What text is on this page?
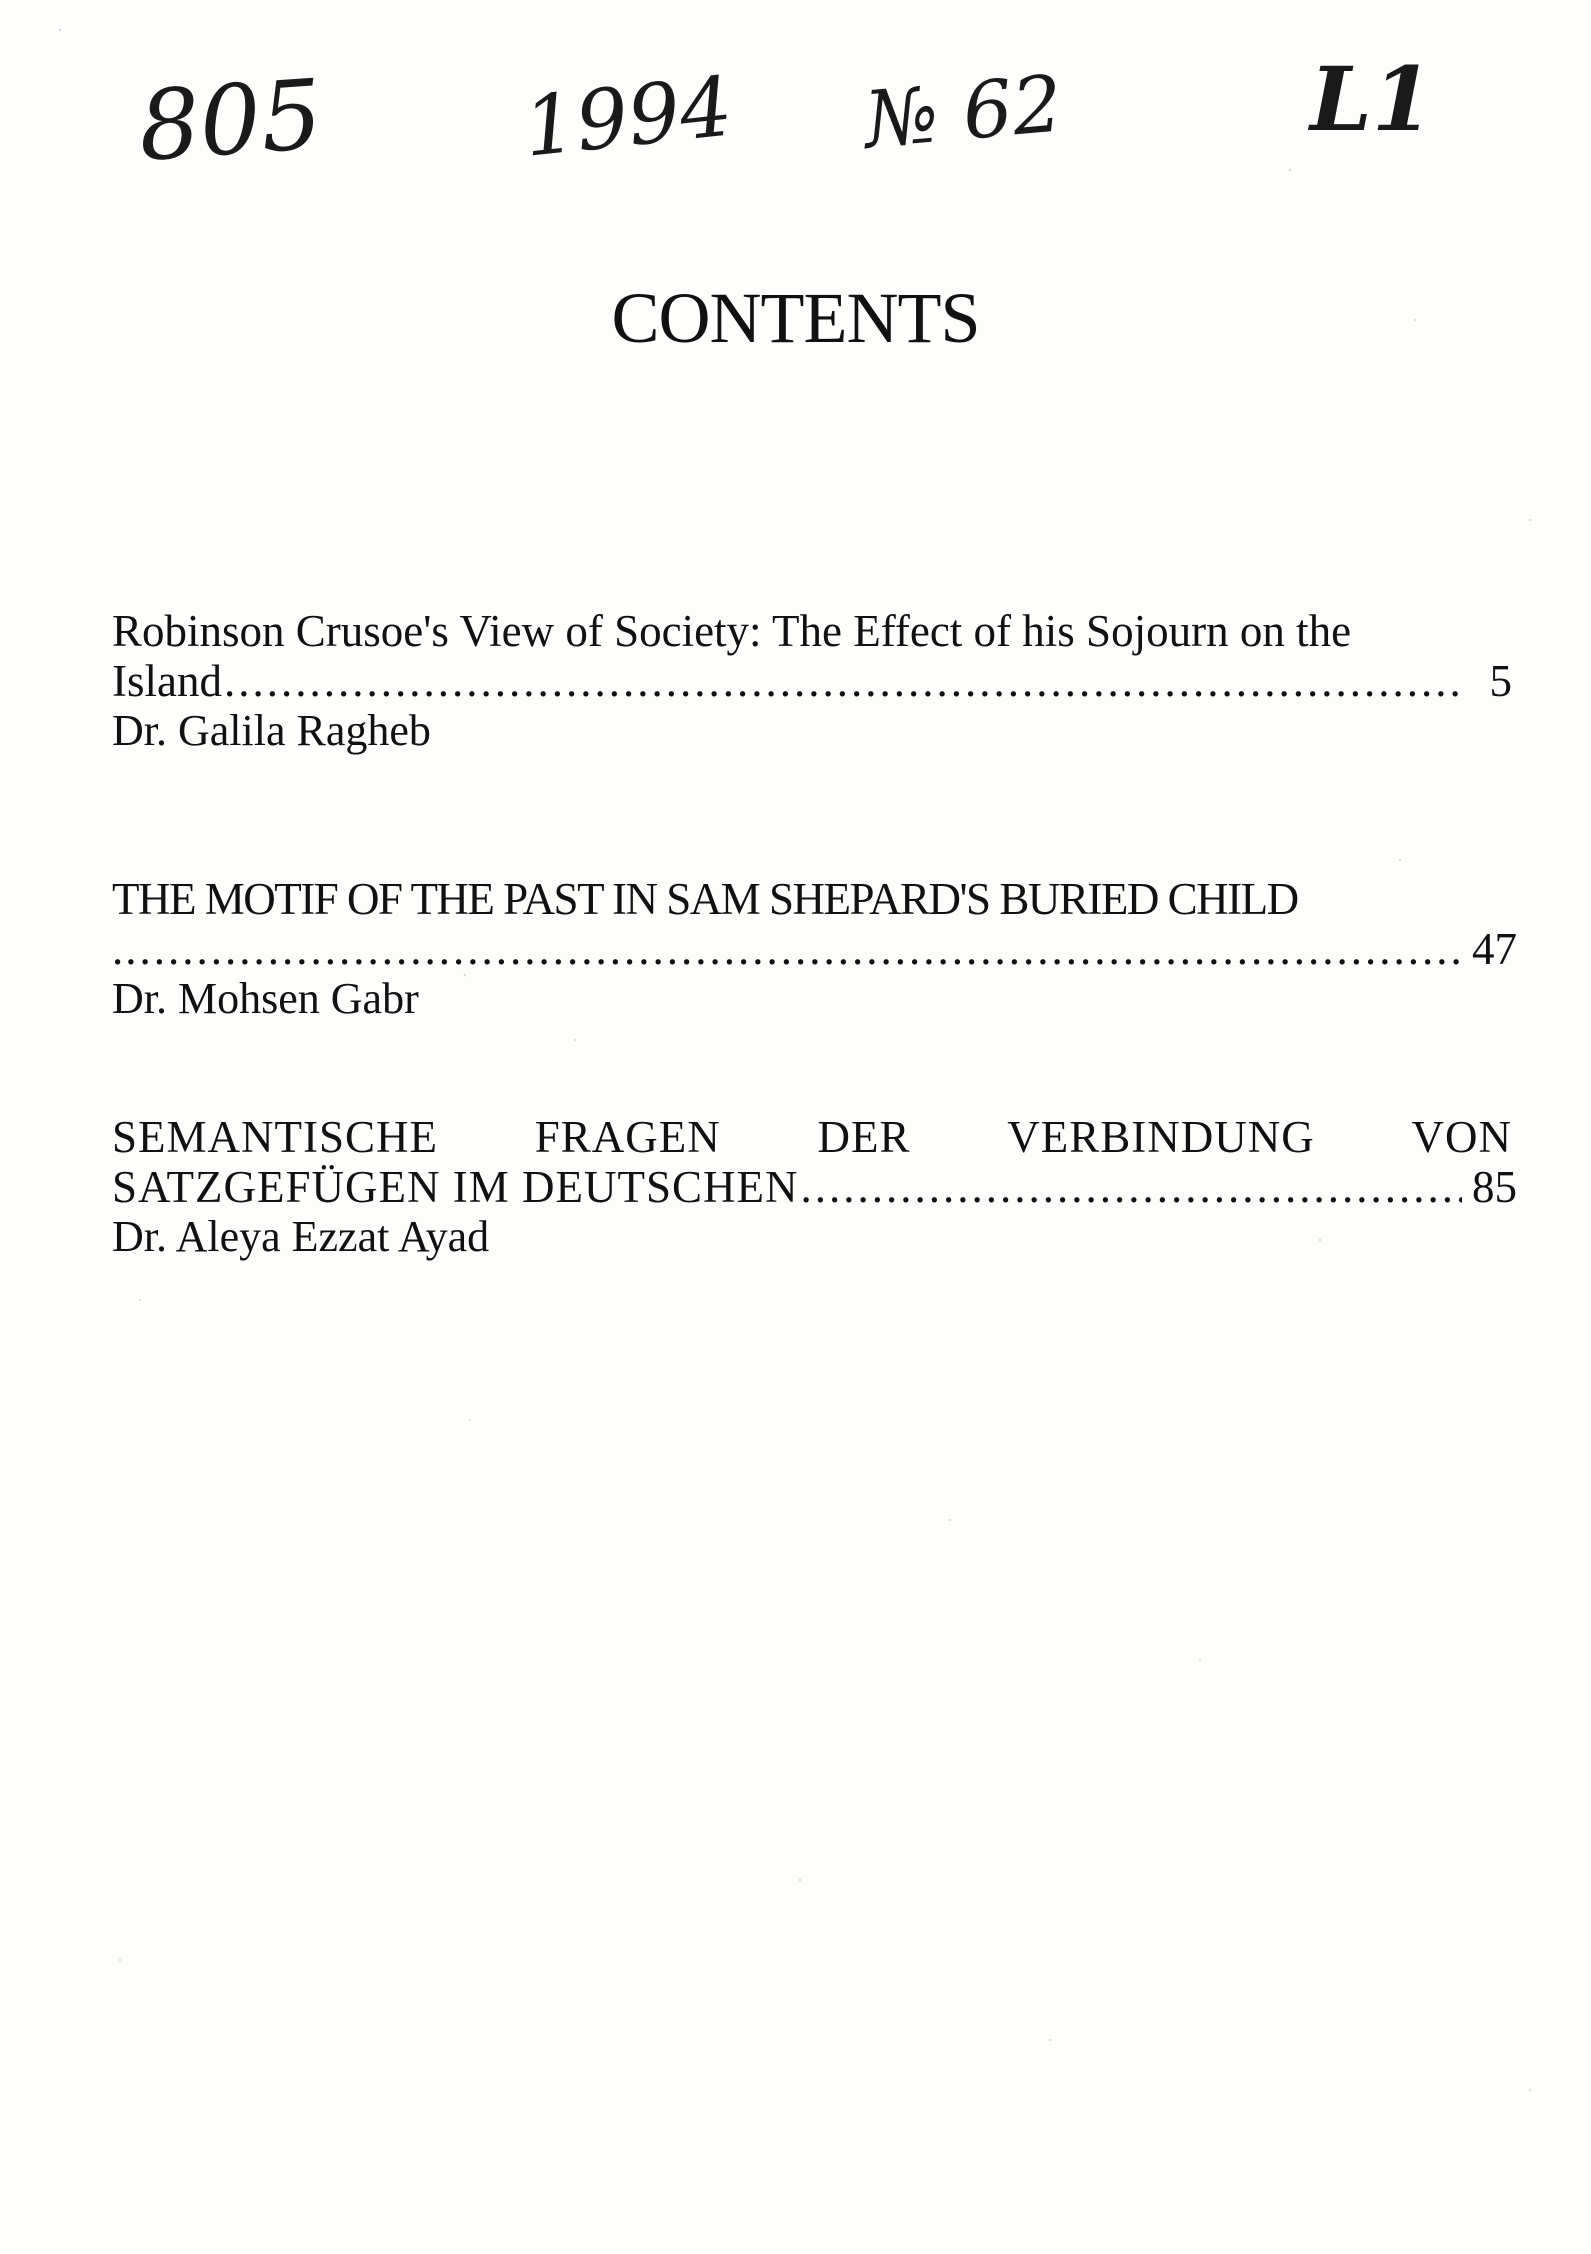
805 1994 № 62	L1
CONTENTS
Robinson Crusoe's View of Society: The Effect of his Sojourn on the
Island .....	5
Dr. Galila Ragheb
THE MOTIF OF THE PAST IN SAM SHEPARD'S BURIED CHILD
. .....	47
Dr. Mohsen Gabr
SEMANTISCHE FRAGEN DER VERBINDUNG VON
SATZGEFÜGEN IM DEUTSCHEN .....	85
Dr. Aleya Ezzat Ayad
